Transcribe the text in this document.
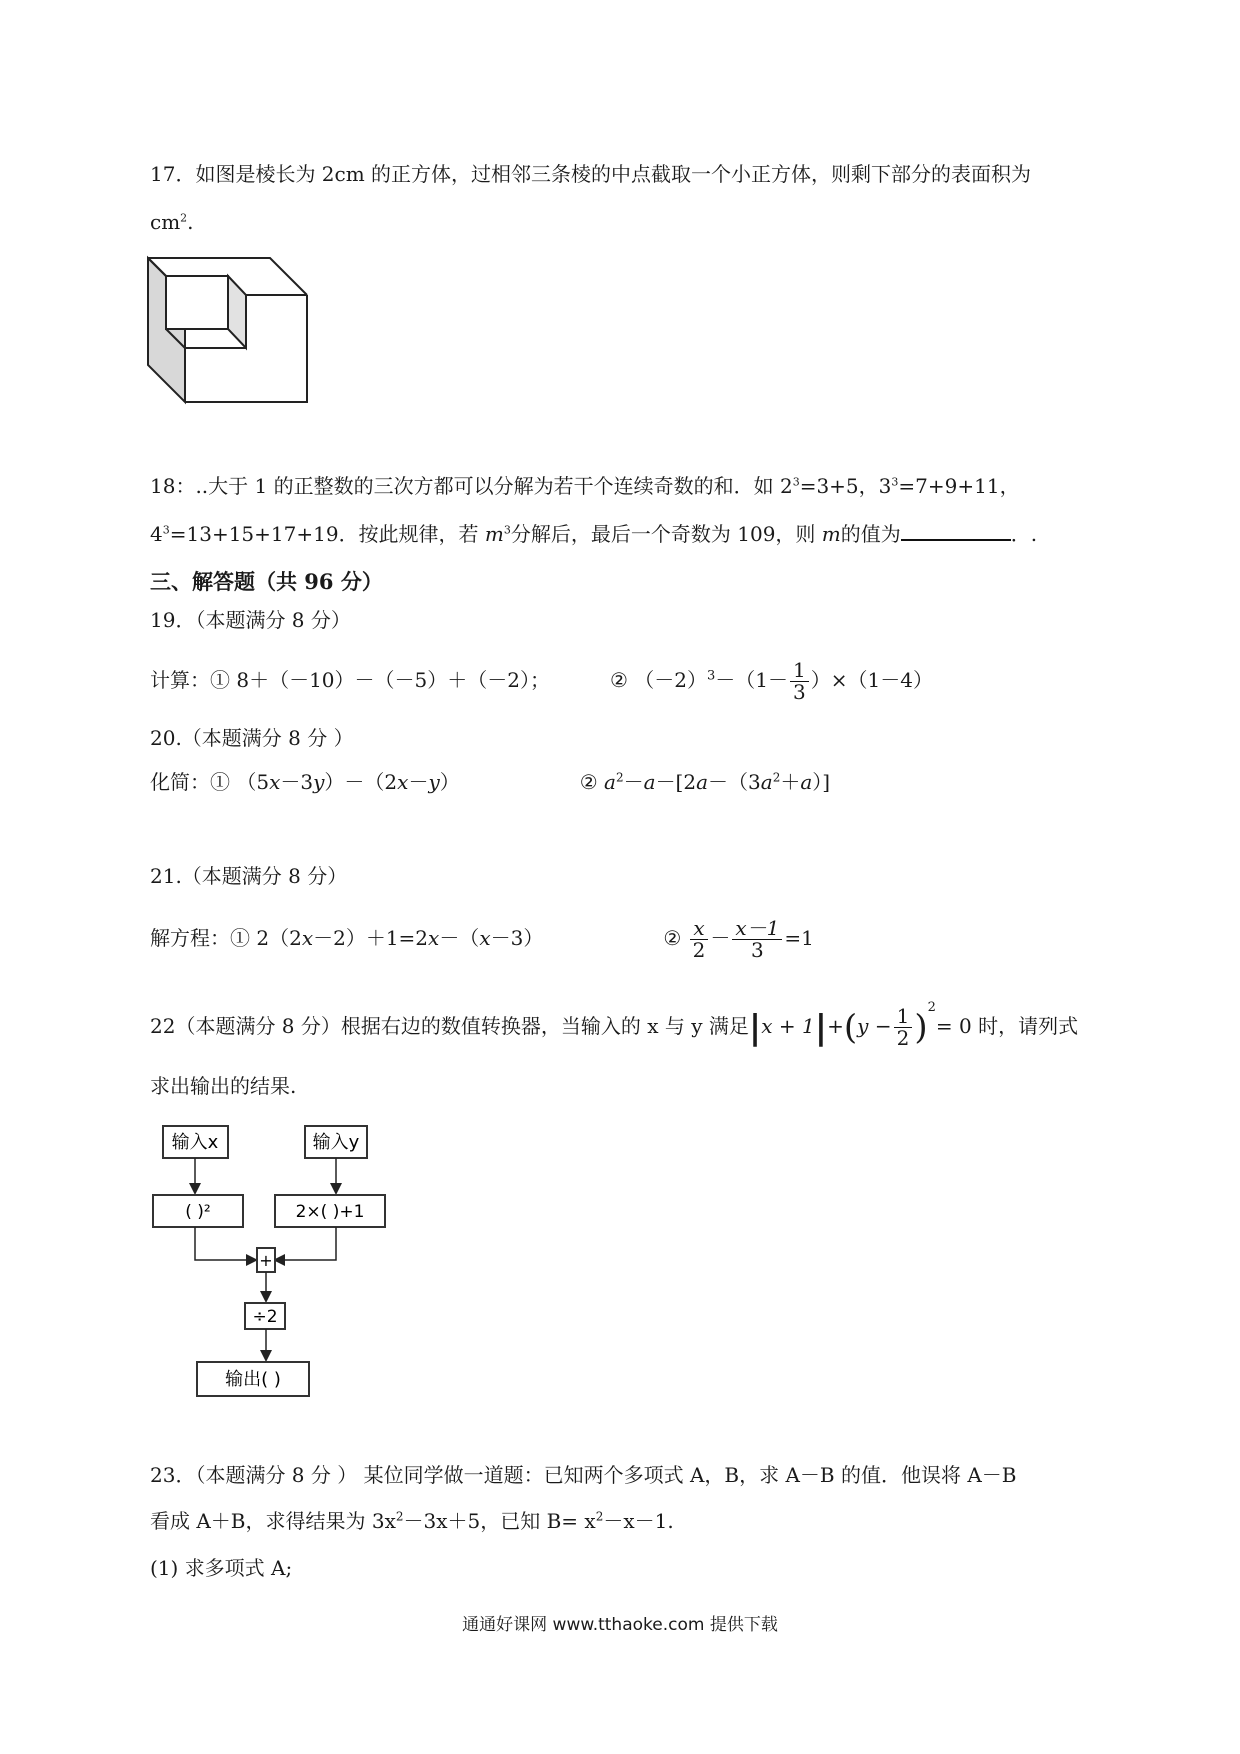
17．如图是棱长为 2cm 的正方体，过相邻三条棱的中点截取一个小正方体，则剩下部分的表面积为
$cm^2$.
18：..大于 1 的正整数的三次方都可以分解为若干个连续奇数的和．如 $2^3=3+5$，$3^3=7+9+11$，
$4^3=13+15+17+19$．按此规律，若 $m^3$分解后，最后一个奇数为 109，则 m的值为	．.
三、解答题（共 96 分）
19．（本题满分 8 分）
计算：① 8＋（－10）－（－5）＋（－2）；	② $(-2)^3-(1- \frac{1}{3} )\times(1-4)$
20.（本题满分 8 分 ）
化简：① （5x－3y）－（2x－y）	② $a^2-a-[2a-(3a^2+a)]$
21.（本题满分 8 分）
解方程：① 2（2x－2）＋1=2x－（x－3）	② $\frac{x}{2} - \frac{x-1}{3} =1$
22（本题满分 8 分）根据右边的数值转换器，当输入的 x 与 y 满足$|x + 1|+(y - \frac{1}{2} )^2= 0$ 时，请列式
求出输出的结果.
输入x	输入y
( )²	2×( )+1
+
÷2
输出( )
23．（本题满分 8 分 ） 某位同学做一道题：已知两个多项式 A，B，求 A－B 的值．他误将 A－B
看成 A＋B，求得结果为 $3x^2-3x+5$，已知 $B= x^2-x-1$.
(1) 求多项式 A;
通通好课网 www.tthaoke.com 提供下载
